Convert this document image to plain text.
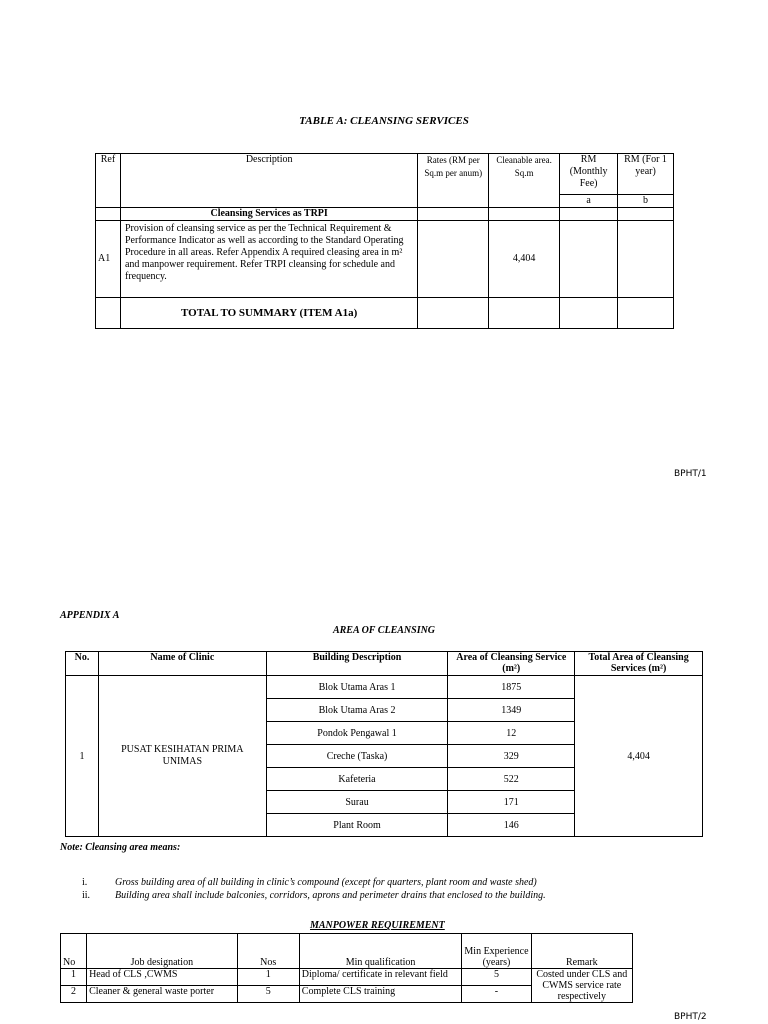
TABLE A: CLEANSING SERVICES
Ref	Description	Rates (RM per Sq.m per anum)	Cleanable area. Sq.m	RM (Monthly Fee)	RM (For 1 year)
				a	b
	Cleansing Services as TRPI				
A1	Provision of cleansing service as per the Technical Requirement & Performance Indicator as well as according to the Standard Operating Procedure in all areas. Refer Appendix A required cleasing area in m² and manpower requirement. Refer TRPI cleansing for schedule and frequency.		4,404		
	TOTAL TO SUMMARY (ITEM A1a)				
BPHT/1
APPENDIX A
AREA OF CLEANSING
No.	Name of Clinic	Building Description	Area of Cleansing Service (m²)	Total Area of Cleansing Services (m²)
1	PUSAT KESIHATAN PRIMA UNIMAS	Blok Utama Aras 1	1875	4,404
		Blok Utama Aras 2	1349	
		Pondok Pengawal 1	12	
		Creche (Taska)	329	
		Kafeteria	522	
		Surau	171	
		Plant Room	146	
Note: Cleansing area means:
i.	Gross building area of all building in clinic’s compound (except for quarters, plant room and waste shed)
ii.	Building area shall include balconies, corridors, aprons and perimeter drains that enclosed to the building.
MANPOWER REQUIREMENT
No	Job designation	Nos	Min qualification	Min Experience (years)	Remark
1	Head of CLS ,CWMS	1	Diploma/ certificate in relevant field	5	Costed under CLS and CWMS service rate respectively
2	Cleaner & general waste porter	5	Complete CLS training	-	
BPHT/2
